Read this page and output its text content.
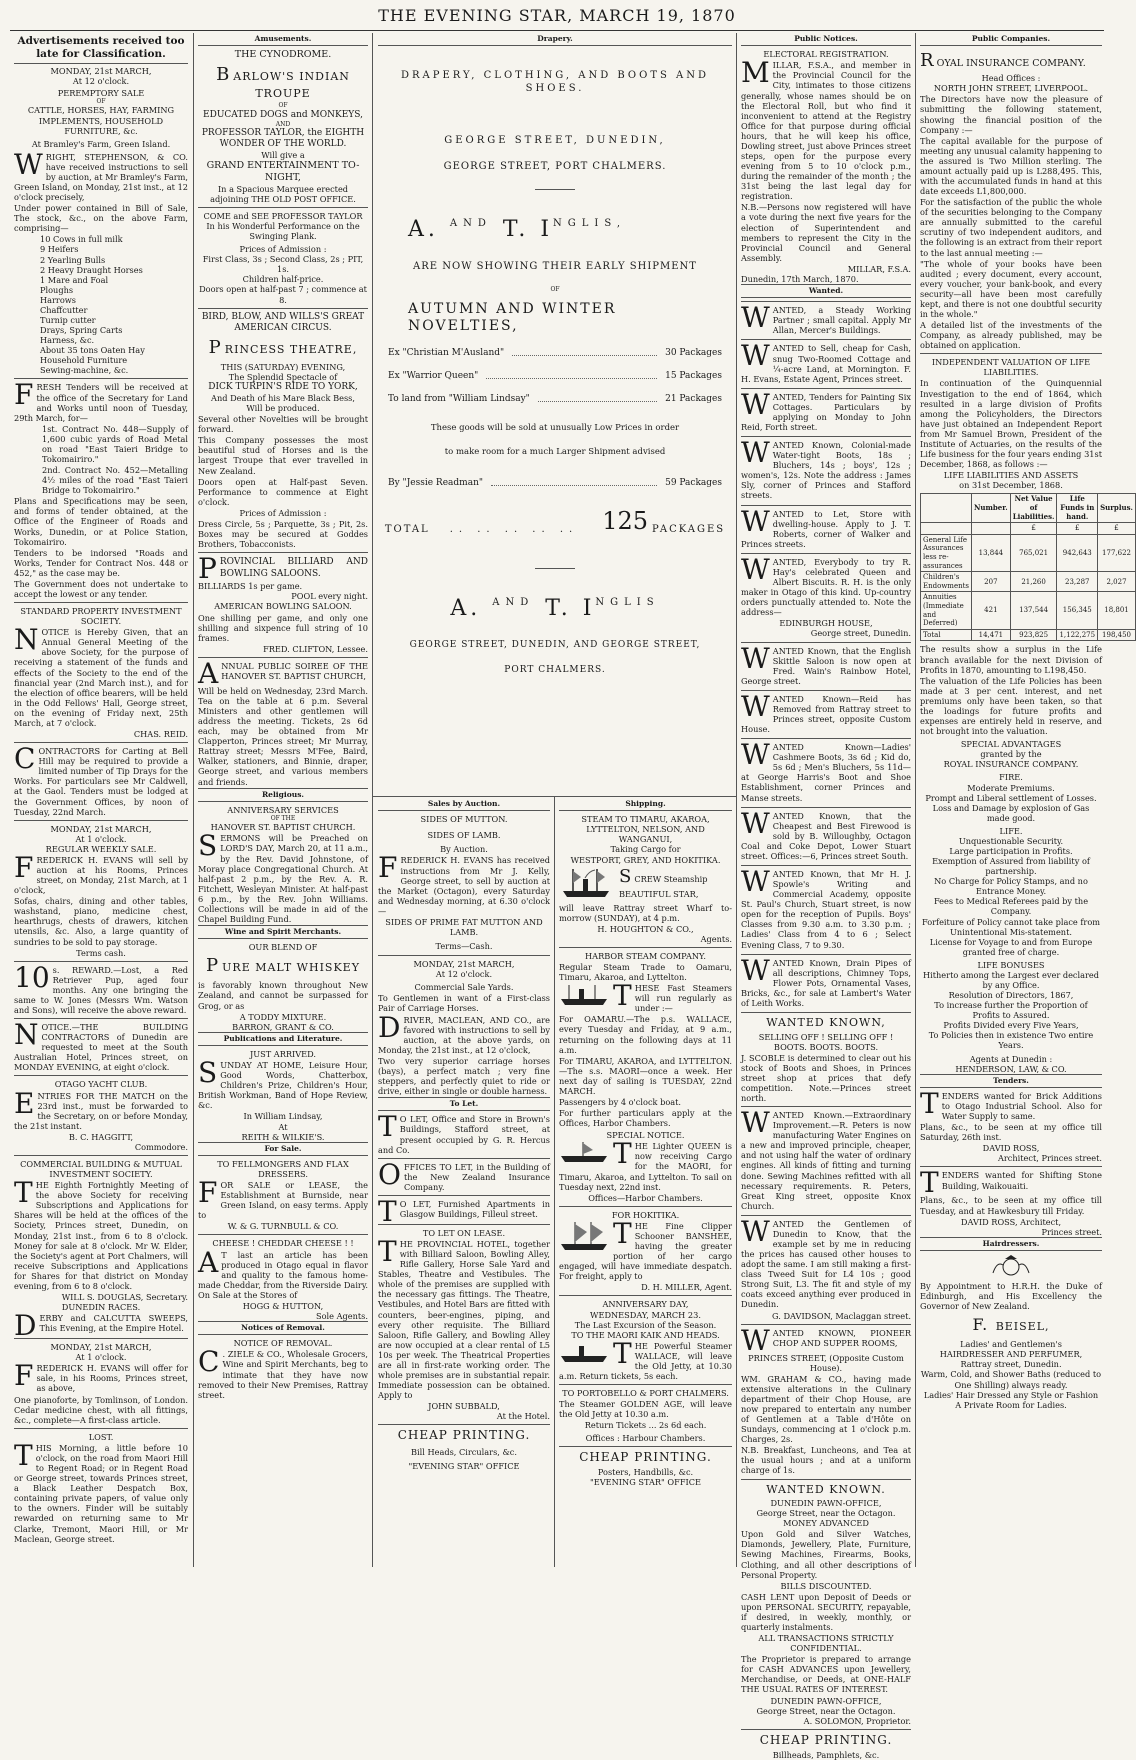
THE EVENING STAR, MARCH 19, 1870
Advertisements received too late for Classification.
MONDAY, 21st MARCH,
At 12 o'clock.
PEREMPTORY SALE
OF
CATTLE, HORSES, HAY, FARMING IMPLEMENTS, HOUSEHOLD FURNITURE, &c.
At Bramley's Farm, Green Island.
WRIGHT, STEPHENSON, & CO. have received instructions to sell by auction, at Mr Bramley's Farm, Green Island, on Monday, 21st inst., at 12 o'clock precisely,
Under power contained in Bill of Sale, The stock, &c., on the above Farm, comprising—
10 Cows in full milk
9 Heifers
2 Yearling Bulls
2 Heavy Draught Horses
1 Mare and Foal
Ploughs
Harrows
Chaffcutter
Turnip cutter
Drays, Spring Carts
Harness, &c.
About 35 tons Oaten Hay
Household Furniture
Sewing-machine, &c.
FRESH Tenders will be received at the office of the Secretary for Land and Works until noon of Tuesday, 29th March, for—
1st. Contract No. 448—Supply of 1,600 cubic yards of Road Metal on road "East Taieri Bridge to Tokomairiro."
2nd. Contract No. 452—Metalling 4½ miles of the road "East Taieri Bridge to Tokomairiro."
Plans and Specifications may be seen, and forms of tender obtained, at the Office of the Engineer of Roads and Works, Dunedin, or at Police Station, Tokomairiro.
Tenders to be indorsed "Roads and Works, Tender for Contract Nos. 448 or 452," as the case may be.
The Government does not undertake to accept the lowest or any tender.
STANDARD PROPERTY INVESTMENT SOCIETY.
NOTICE is Hereby Given, that an Annual General Meeting of the above Society, for the purpose of receiving a statement of the funds and effects of the Society to the end of the financial year (2nd March inst.), and for the election of office bearers, will be held in the Odd Fellows' Hall, George street, on the evening of Friday next, 25th March, at 7 o'clock.
CHAS. REID.
CONTRACTORS for Carting at Bell Hill may be required to provide a limited number of Tip Drays for the Works. For particulars see Mr Caldwell, at the Gaol. Tenders must be lodged at the Government Offices, by noon of Tuesday, 22nd March.
MONDAY, 21st MARCH,
At 1 o'clock.
REGULAR WEEKLY SALE.
FREDERICK H. EVANS will sell by auction at his Rooms, Princes street, on Monday, 21st March, at 1 o'clock,
Sofas, chairs, dining and other tables, washstand, piano, medicine chest, hearthrugs, chests of drawers, kitchen utensils, &c. Also, a large quantity of sundries to be sold to pay storage.
Terms cash.
10 s. REWARD.—Lost, a Red Retriever Pup, aged four months. Any one bringing the same to W. Jones (Messrs Wm. Watson and Sons), will receive the above reward.
NOTICE.—THE BUILDING CONTRACTORS of Dunedin are requested to meet at the South Australian Hotel, Princes street, on MONDAY EVENING, at eight o'clock.
OTAGO YACHT CLUB.
ENTRIES FOR THE MATCH on the 23rd inst., must be forwarded to the Secretary, on or before Monday, the 21st instant.
B. C. HAGGITT,
Commodore.
COMMERCIAL BUILDING & MUTUAL INVESTMENT SOCIETY.
THE Eighth Fortnightly Meeting of the above Society for receiving Subscriptions and Applications for Shares will be held at the offices of the Society, Princes street, Dunedin, on Monday, 21st inst., from 6 to 8 o'clock. Money for sale at 8 o'clock. Mr W. Elder, the Society's agent at Port Chalmers, will receive Subscriptions and Applications for Shares for that district on Monday evening, from 6 to 8 o'clock.
WILL S. DOUGLAS, Secretary.
DUNEDIN RACES.
DERBY and CALCUTTA SWEEPS, This Evening, at the Empire Hotel.
MONDAY, 21st MARCH,
At 1 o'clock.
FREDERICK H. EVANS will offer for sale, in his Rooms, Princes street, as above,
One pianoforte, by Tomlinson, of London. Cedar medicine chest, with all fittings, &c., complete—A first-class article.
LOST.
THIS Morning, a little before 10 o'clock, on the road from Maori Hill to Regent Road; or in Regent Road or George street, towards Princes street, a Black Leather Despatch Box, containing private papers, of value only to the owners. Finder will be suitably rewarded on returning same to Mr Clarke, Tremont, Maori Hill, or Mr Maclean, George street.
Amusements.
THE CYNODROME.
BARLOW'S INDIAN TROUPE
OF
EDUCATED DOGS and MONKEYS,
AND
PROFESSOR TAYLOR, the EIGHTH WONDER OF THE WORLD.
Will give a
GRAND ENTERTAINMENT TO-NIGHT,
In a Spacious Marquee erected adjoining THE OLD POST OFFICE.
COME and SEE PROFESSOR TAYLOR
In his Wonderful Performance on the Swinging Plank.
Prices of Admission :
First Class, 3s ; Second Class, 2s ; PIT, 1s.
Children half-price.
Doors open at half-past 7 ; commence at 8.
BIRD, BLOW, AND WILLS'S GREAT AMERICAN CIRCUS.
PRINCESS THEATRE,
THIS (SATURDAY) EVENING,
The Splendid Spectacle of
DICK TURPIN'S RIDE TO YORK,
And Death of his Mare Black Bess,
Will be produced.
Several other Novelties will be brought forward.
This Company possesses the most beautiful stud of Horses and is the largest Troupe that ever travelled in New Zealand.
Doors open at Half-past Seven. Performance to commence at Eight o'clock.
Prices of Admission :
Dress Circle, 5s ; Parquette, 3s ; Pit, 2s. Boxes may be secured at Goddes Brothers, Tobacconists.
PROVINCIAL BILLIARD AND BOWLING SALOONS.
BILLIARDS 1s per game.
POOL every night.
AMERICAN BOWLING SALOON.
One shilling per game, and only one shilling and sixpence full string of 10 frames.
FRED. CLIFTON, Lessee.
ANNUAL PUBLIC SOIREE OF THE HANOVER ST. BAPTIST CHURCH,
Will be held on Wednesday, 23rd March. Tea on the table at 6 p.m. Several Ministers and other gentlemen will address the meeting. Tickets, 2s 6d each, may be obtained from Mr Clapperton, Princes street; Mr Murray, Rattray street; Messrs M'Fee, Baird, Walker, stationers, and Binnie, draper, George street, and various members and friends.
Religious.
ANNIVERSARY SERVICES
OF THE
HANOVER ST. BAPTIST CHURCH.
SERMONS will be Preached on LORD'S DAY, March 20, at 11 a.m., by the Rev. David Johnstone, of Moray place Congregational Church. At half-past 2 p.m., by the Rev. A. R. Fitchett, Wesleyan Minister. At half-past 6 p.m., by the Rev. John Williams. Collections will be made in aid of the Chapel Building Fund.
Wine and Spirit Merchants.
OUR BLEND OF
PURE MALT WHISKEY
is favorably known throughout New Zealand, and cannot be surpassed for Grog, or as
A TODDY MIXTURE.
BARRON, GRANT & CO.
Publications and Literature.
JUST ARRIVED.
SUNDAY AT HOME, Leisure Hour, Good Words, Chatterbox, Children's Prize, Children's Hour, British Workman, Band of Hope Review, &c.
In William Lindsay,
At
REITH & WILKIE'S.
For Sale.
TO FELLMONGERS AND FLAX DRESSERS.
FOR SALE or LEASE, the Establishment at Burnside, near Green Island, on easy terms. Apply to
W. & G. TURNBULL & CO.
CHEESE ! CHEDDAR CHEESE ! !
A T last an article has been produced in Otago equal in flavor and quality to the famous home-made Cheddar, from the Riverside Dairy. On Sale at the Stores of
HOGG & HUTTON,
Sole Agents.
Notices of Removal.
NOTICE OF REMOVAL.
C . ZIELE & CO., Wholesale Grocers, Wine and Spirit Merchants, beg to intimate that they have now removed to their New Premises, Rattray street.
Drapery.
DRAPERY, CLOTHING, AND BOOTS AND SHOES.
GEORGE STREET, DUNEDIN,
GEORGE STREET, PORT CHALMERS.
A. $^{AND}$ T. $I^{NGLIS,}$
ARE NOW SHOWING THEIR EARLY SHIPMENT
OF
AUTUMN AND WINTER NOVELTIES,
Ex "Christian M'Ausland"	30 Packages
Ex "Warrior Queen"	15 Packages
To land from "William Lindsay"	21 Packages
These goods will be sold at unusually Low Prices in order
to make room for a much Larger Shipment advised
By "Jessie Readman"	59 Packages
TOTAL .. .. .. .. .. 125 PACKAGES
A. $^{AND}$ T. $I^{NGLIS}$
GEORGE STREET, DUNEDIN, AND GEORGE STREET,
PORT CHALMERS.
Sales by Auction.
SIDES OF MUTTON.
SIDES OF LAMB.
By Auction.
FREDERICK H. EVANS has received instructions from Mr J. Kelly, George street, to sell by auction at the Market (Octagon), every Saturday and Wednesday morning, at 6.30 o'clock—
SIDES OF PRIME FAT MUTTON AND LAMB.
Terms—Cash.
MONDAY, 21st MARCH,
At 12 o'clock.
Commercial Sale Yards.
To Gentlemen in want of a First-class Pair of Carriage Horses.
DRIVER, MACLEAN, AND CO., are favored with instructions to sell by auction, at the above yards, on Monday, the 21st inst., at 12 o'clock,
Two very superior carriage horses (bays), a perfect match ; very fine steppers, and perfectly quiet to ride or drive, either in single or double harness.
To Let.
T O LET, Office and Store in Brown's Buildings, Stafford street, at present occupied by G. R. Hercus and Co.
OFFICES TO LET, in the Building of the New Zealand Insurance Company.
T O LET, Furnished Apartments in Glasgow Buildings, Filleul street.
TO LET ON LEASE.
THE PROVINCIAL HOTEL, together with Billiard Saloon, Bowling Alley, Rifle Gallery, Horse Sale Yard and Stables, Theatre and Vestibules. The whole of the premises are supplied with the necessary gas fittings. The Theatre, Vestibules, and Hotel Bars are fitted with counters, beer-engines, piping, and every other requisite. The Billiard Saloon, Rifle Gallery, and Bowling Alley are now occupied at a clear rental of L5 10s per week. The Theatrical Properties are all in first-rate working order. The whole premises are in substantial repair. Immediate possession can be obtained. Apply to
JOHN SUBBALD,
At the Hotel.
CHEAP PRINTING.
Bill Heads, Circulars, &c.
"EVENING STAR" OFFICE
Shipping.
STEAM TO TIMARU, AKAROA, LYTTELTON, NELSON, AND WANGANUI,
Taking Cargo for
WESTPORT, GREY, AND HOKITIKA.
SCREW Steamship
BEAUTIFUL STAR,
will leave Rattray street Wharf to-morrow (SUNDAY), at 4 p.m.
H. HOUGHTON & CO.,
Agents.
HARBOR STEAM COMPANY.
Regular Steam Trade to Oamaru, Timaru, Akaroa, and Lyttelton.
THESE Fast Steamers will run regularly as under :—
For OAMARU.—The p.s. WALLACE, every Tuesday and Friday, at 9 a.m., returning on the following days at 11 a.m.
For TIMARU, AKAROA, and LYTTELTON.—The s.s. MAORI—once a week. Her next day of sailing is TUESDAY, 22nd MARCH.
Passengers by 4 o'clock boat.
For further particulars apply at the Offices, Harbor Chambers.
SPECIAL NOTICE.
THE Lighter QUEEN is now receiving Cargo for the MAORI, for Timaru, Akaroa, and Lyttelton. To sail on Tuesday next, 22nd inst.
Offices—Harbor Chambers.
FOR HOKITIKA.
THE Fine Clipper Schooner BANSHEE, having the greater portion of her cargo engaged, will have immediate despatch. For freight, apply to
D. H. MILLER, Agent.
ANNIVERSARY DAY,
WEDNESDAY, MARCH 23.
The Last Excursion of the Season.
TO THE MAORI KAIK AND HEADS.
THE Powerful Steamer WALLACE, will leave the Old Jetty, at 10.30 a.m. Return tickets, 5s each.
TO PORTOBELLO & PORT CHALMERS.
The Steamer GOLDEN AGE, will leave the Old Jetty at 10.30 a.m.
Return Tickets ... 2s 6d each.
Offices : Harbour Chambers.
CHEAP PRINTING.
Posters, Handbills, &c.
"EVENING STAR" OFFICE
Public Notices.
ELECTORAL REGISTRATION.
MILLAR, F.S.A., and member in the Provincial Council for the City, intimates to those citizens generally, whose names should be on the Electoral Roll, but who find it inconvenient to attend at the Registry Office for that purpose during official hours, that he will keep his office, Dowling street, just above Princes street steps, open for the purpose every evening from 5 to 10 o'clock p.m., during the remainder of the month ; the 31st being the last legal day for registration.
N.B.—Persons now registered will have a vote during the next five years for the election of Superintendent and members to represent the City in the Provincial Council and General Assembly.
MILLAR, F.S.A.
Dunedin, 17th March, 1870.
Wanted.
WANTED, a Steady Working Partner ; small capital. Apply Mr Allan, Mercer's Buildings.
WANTED to Sell, cheap for Cash, snug Two-Roomed Cottage and ¼-acre Land, at Mornington. F. H. Evans, Estate Agent, Princes street.
WANTED, Tenders for Painting Six Cottages. Particulars by applying on Monday to John Reid, Forth street.
WANTED Known, Colonial-made Water-tight Boots, 18s ; Bluchers, 14s ; boys', 12s ; women's, 12s. Note the address : James Sly, corner of Princes and Stafford streets.
WANTED to Let, Store with dwelling-house. Apply to J. T. Roberts, corner of Walker and Princes streets.
WANTED, Everybody to try R. Hay's celebrated Queen and Albert Biscuits. R. H. is the only maker in Otago of this kind. Up-country orders punctually attended to. Note the address—
EDINBURGH HOUSE,
George street, Dunedin.
WANTED Known, that the English Skittle Saloon is now open at Fred. Wain's Rainbow Hotel, George street.
WANTED Known—Reid has Removed from Rattray street to Princes street, opposite Custom House.
WANTED Known—Ladies' Cashmere Boots, 3s 6d ; Kid do, 5s 6d ; Men's Bluchers, 5s 11d—at George Harris's Boot and Shoe Establishment, corner Princes and Manse streets.
WANTED Known, that the Cheapest and Best Firewood is sold by B. Willoughby, Octagon Coal and Coke Depot, Lower Stuart street. Offices:—6, Princes street South.
WANTED Known, that Mr H. J. Spowle's Writing and Commercial Academy, opposite St. Paul's Church, Stuart street, is now open for the reception of Pupils. Boys' Classes from 9.30 a.m. to 3.30 p.m. ; Ladies' Class from 4 to 6 ; Select Evening Class, 7 to 9.30.
WANTED Known, Drain Pipes of all descriptions, Chimney Tops, Flower Pots, Ornamental Vases, Bricks, &c., for sale at Lambert's Water of Leith Works.
WANTED KNOWN,
SELLING OFF ! SELLING OFF !
BOOTS. BOOTS. BOOTS.
J. SCOBLE is determined to clear out his stock of Boots and Shoes, in Princes street shop at prices that defy competition. Note.—Princes street north.
WANTED Known.—Extraordinary Improvement.—R. Peters is now manufacturing Water Engines on a new and improved principle, cheaper, and not using half the water of ordinary engines. All kinds of fitting and turning done. Sewing Machines refitted with all necessary requirements. R. Peters, Great King street, opposite Knox Church.
WANTED the Gentlemen of Dunedin to Know, that the example set by me in reducing the prices has caused other houses to adopt the same. I am still making a first-class Tweed Suit for L4 10s ; good Strong Suit, L3. The fit and style of my coats exceed anything ever produced in Dunedin.
G. DAVIDSON, Maclaggan street.
WANTED KNOWN, PIONEER CHOP AND SUPPER ROOMS,
PRINCES STREET, (Opposite Custom House).
WM. GRAHAM & CO., having made extensive alterations in the Culinary department of their Chop House, are now prepared to entertain any number of Gentlemen at a Table d'Hôte on Sundays, commencing at 1 o'clock p.m. Charges, 2s.
N.B. Breakfast, Luncheons, and Tea at the usual hours ; and at a uniform charge of 1s.
WANTED KNOWN.
DUNEDIN PAWN-OFFICE,
George Street, near the Octagon.
MONEY ADVANCED
Upon Gold and Silver Watches, Diamonds, Jewellery, Plate, Furniture, Sewing Machines, Firearms, Books, Clothing, and all other descriptions of Personal Property.
BILLS DISCOUNTED.
CASH LENT upon Deposit of Deeds or upon PERSONAL SECURITY, repayable, if desired, in weekly, monthly, or quarterly instalments.
ALL TRANSACTIONS STRICTLY CONFIDENTIAL.
The Proprietor is prepared to arrange for CASH ADVANCES upon Jewellery, Merchandise, or Deeds, at ONE-HALF THE USUAL RATES OF INTEREST.
DUNEDIN PAWN-OFFICE,
George Street, near the Octagon.
A. SOLOMON, Proprietor.
CHEAP PRINTING.
Billheads, Pamphlets, &c.
Public Companies.
ROYAL INSURANCE COMPANY.
Head Offices :
NORTH JOHN STREET, LIVERPOOL.
The Directors have now the pleasure of submitting the following statement, showing the financial position of the Company :—
The capital available for the purpose of meeting any unusual calamity happening to the assured is Two Million sterling. The amount actually paid up is L288,495. This, with the accumulated funds in hand at this date exceeds L1,800,000.
For the satisfaction of the public the whole of the securities belonging to the Company are annually submitted to the careful scrutiny of two independent auditors, and the following is an extract from their report to the last annual meeting :—
"The whole of your books have been audited ; every document, every account, every voucher, your bank-book, and every security—all have been most carefully kept, and there is not one doubtful security in the whole."
A detailed list of the investments of the Company, as already published, may be obtained on application.
INDEPENDENT VALUATION OF LIFE LIABILITIES.
In continuation of the Quinquennial Investigation to the end of 1864, which resulted in a large division of Profits among the Policyholders, the Directors have just obtained an Independent Report from Mr Samuel Brown, President of the Institute of Actuaries, on the results of the Life business for the four years ending 31st December, 1868, as follows :—
LIFE LIABILITIES AND ASSETS
on 31st December, 1868.
	Number.	Net Value of Liabilities.	Life Funds in hand.	Surplus.
		£	£	£
General Life Assurances less re-assurances	13,844	765,021	942,643	177,622
Children's Endowments	207	21,260	23,287	2,027
Annuities (Immediate and Deferred)	421	137,544	156,345	18,801
Total	14,471	923,825	1,122,275	198,450
The results show a surplus in the Life branch available for the next Division of Profits in 1870, amounting to L198,450.
The valuation of the Life Policies has been made at 3 per cent. interest, and net premiums only have been taken, so that the loadings for future profits and expenses are entirely held in reserve, and not brought into the valuation.
SPECIAL ADVANTAGES
granted by the
ROYAL INSURANCE COMPANY.
FIRE.
Moderate Premiums.
Prompt and Liberal settlement of Losses.
Loss and Damage by explosion of Gas made good.
LIFE.
Unquestionable Security.
Large participation in Profits.
Exemption of Assured from liability of partnership.
No Charge for Policy Stamps, and no Entrance Money.
Fees to Medical Referees paid by the Company.
Forfeiture of Policy cannot take place from Unintentional Mis-statement.
License for Voyage to and from Europe granted free of charge.
LIFE BONUSES
Hitherto among the Largest ever declared by any Office.
Resolution of Directors, 1867,
To increase further the Proportion of Profits to Assured.
Profits Divided every Five Years,
To Policies then in existence Two entire Years.
Agents at Dunedin :
HENDERSON, LAW, & CO.
Tenders.
TENDERS wanted for Brick Additions to Otago Industrial School. Also for Water Supply to same.
Plans, &c., to be seen at my office till Saturday, 26th inst.
DAVID ROSS,
Architect, Princes street.
TENDERS wanted for Shifting Stone Building, Waikouaiti.
Plans, &c., to be seen at my office till Tuesday, and at Hawkesbury till Friday.
DAVID ROSS, Architect,
Princes street.
Hairdressers.
By Appointment to H.R.H. the Duke of Edinburgh, and His Excellency the Governor of New Zealand.
F. BEISEL,
Ladies' and Gentlemen's
HAIRDRESSER AND PERFUMER,
Rattray street, Dunedin.
Warm, Cold, and Shower Baths (reduced to One Shilling) always ready.
Ladies' Hair Dressed any Style or Fashion
A Private Room for Ladies.
